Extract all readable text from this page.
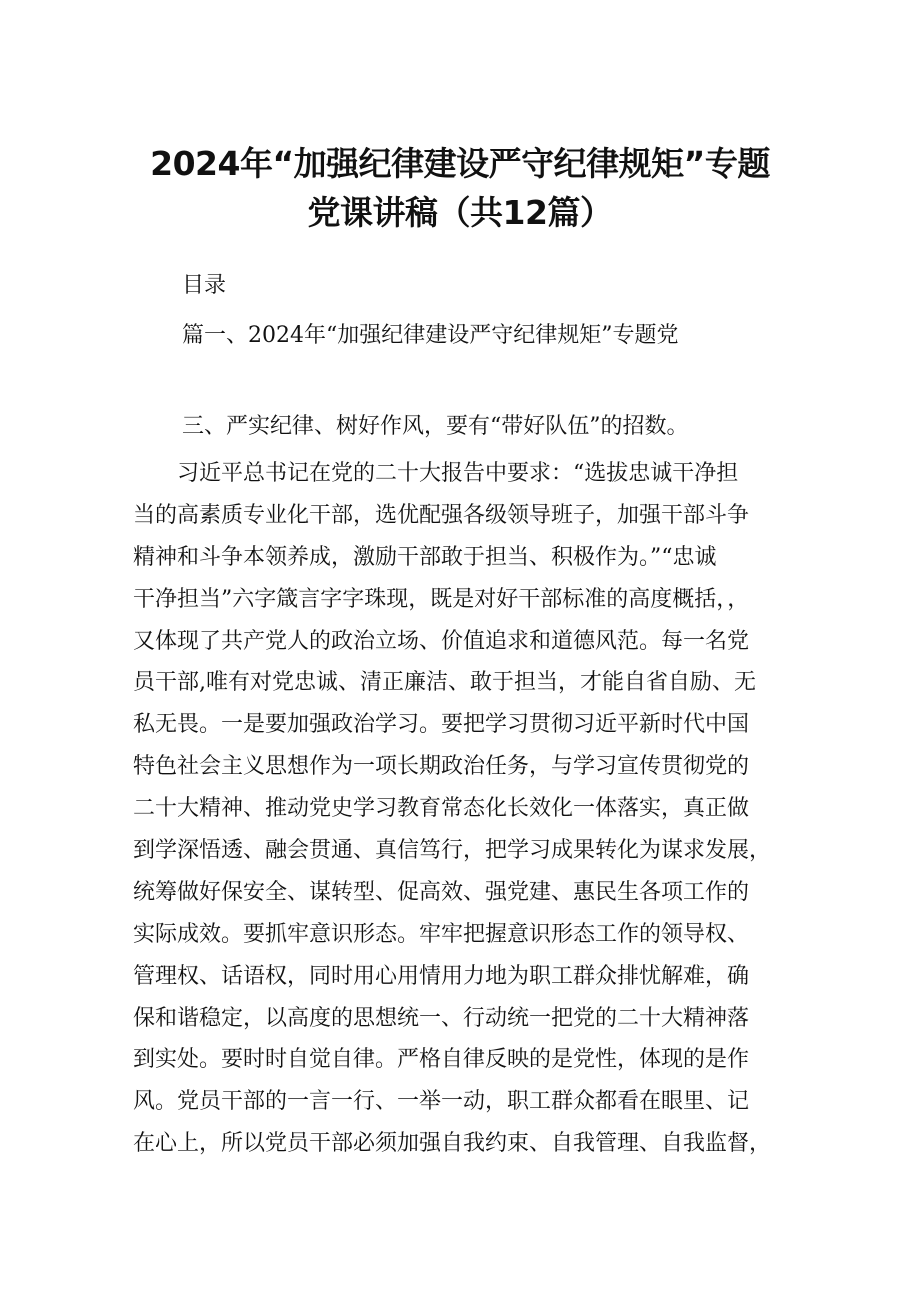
2024年“加强纪律建设严守纪律规矩”专题
党课讲稿（共12篇）
目录
篇一、2024年“加强纪律建设严守纪律规矩”专题党
三、严实纪律、树好作风，要有“带好队伍”的招数。
习近平总书记在党的二十大报告中要求：“选拔忠诚干净担
当的高素质专业化干部，选优配强各级领导班子，加强干部斗争
精神和斗争本领养成，激励干部敢于担当、积极作为。”“忠诚
干净担当”六字箴言字字珠现，既是对好干部标准的高度概括，，
又体现了共产党人的政治立场、价值追求和道德风范。每一名党
员干部,唯有对党忠诚、清正廉洁、敢于担当，才能自省自励、无
私无畏。一是要加强政治学习。要把学习贯彻习近平新时代中国
特色社会主义思想作为一项长期政治任务，与学习宣传贯彻党的
二十大精神、推动党史学习教育常态化长效化一体落实，真正做
到学深悟透、融会贯通、真信笃行，把学习成果转化为谋求发展，
统筹做好保安全、谋转型、促高效、强党建、惠民生各项工作的
实际成效。要抓牢意识形态。牢牢把握意识形态工作的领导权、
管理权、话语权，同时用心用情用力地为职工群众排忧解难，确
保和谐稳定，以高度的思想统一、行动统一把党的二十大精神落
到实处。要时时自觉自律。严格自律反映的是党性，体现的是作
风。党员干部的一言一行、一举一动，职工群众都看在眼里、记
在心上，所以党员干部必须加强自我约束、自我管理、自我监督，
